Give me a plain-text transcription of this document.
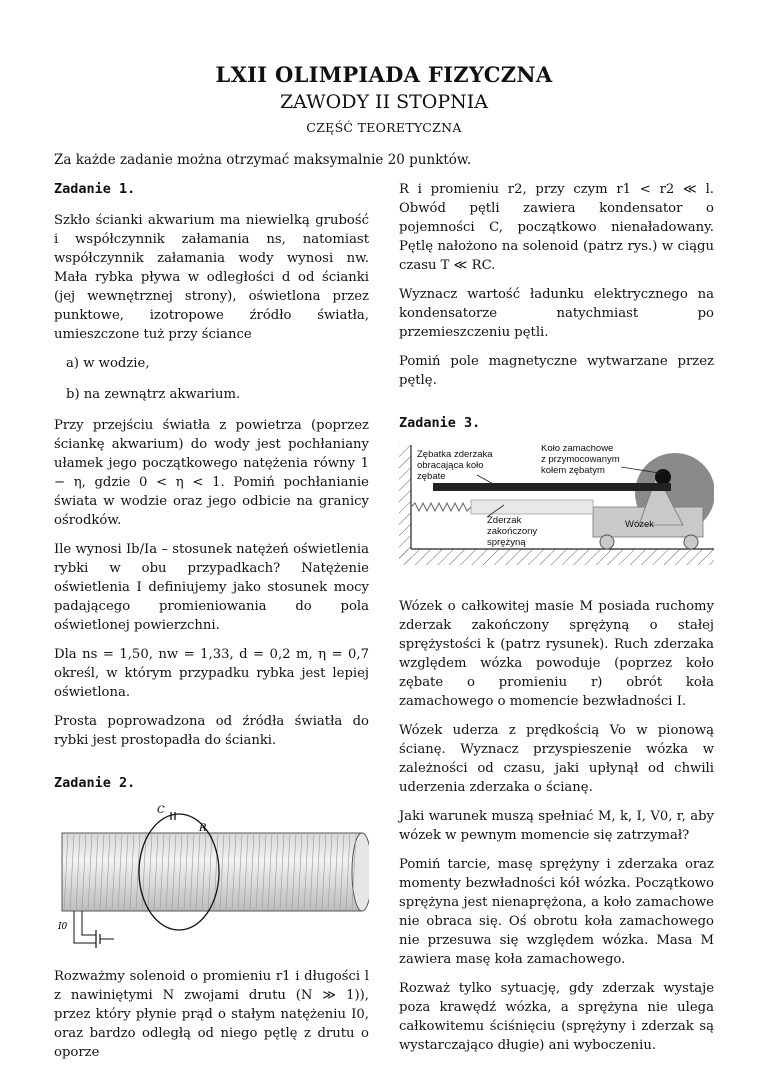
LXII OLIMPIADA FIZYCZNA
ZAWODY II STOPNIA
CZĘŚĆ TEORETYCZNA
Za każde zadanie można otrzymać maksymalnie 20 punktów.
Zadanie 1.

Szkło ścianki akwarium ma niewielką grubość i współczynnik załamania ns, natomiast współczynnik załamania wody wynosi nw. Mała rybka pływa w odległości d od ścianki (jej wewnętrznej strony), oświetlona przez punktowe, izotropowe źródło światła, umieszczone tuż przy ściance

a) w wodzie,
b) na zewnątrz akwarium.

Przy przejściu światła z powietrza (poprzez ściankę akwarium) do wody jest pochłaniany ułamek jego początkowego natężenia równy 1 − η, gdzie 0 < η < 1. Pomiń pochłanianie świata w wodzie oraz jego odbicie na granicy ośrodków.

Ile wynosi Ib/Ia – stosunek natężeń oświetlenia rybki w obu przypadkach? Natężenie oświetlenia I definiujemy jako stosunek mocy padającego promieniowania do pola oświetlonej powierzchni.

Dla ns = 1,50, nw = 1,33, d = 0,2 m, η = 0,7 określ, w którym przypadku rybka jest lepiej oświetlona.

Prosta poprowadzona od źródła światła do rybki jest prostopadła do ścianki.

Zadanie 2.
C
R
I0

Rozważmy solenoid o promieniu r1 i długości l z nawiniętymi N zwojami drutu (N ≫ 1)), przez który płynie prąd o stałym natężeniu I0, oraz bardzo odległą od niego pętlę z drutu o oporze

R i promieniu r2, przy czym r1 < r2 ≪ l. Obwód pętli zawiera kondensator o pojemności C, początkowo nienaładowany. Pętlę nałożono na solenoid (patrz rys.) w ciągu czasu T ≪ RC.

Wyznacz wartość ładunku elektrycznego na kondensatorze natychmiast po przemieszczeniu pętli.

Pomiń pole magnetyczne wytwarzane przez pętlę.

Zadanie 3.
Zębatka zderzaka
obracająca koło
zębate
Koło zamachowe
z przymocowanym
kołem zębatym
Zderzak
zakończony
sprężyną
Wózek

Wózek o całkowitej masie M posiada ruchomy zderzak zakończony sprężyną o stałej sprężystości k (patrz rysunek). Ruch zderzaka względem wózka powoduje (poprzez koło zębate o promieniu r) obrót koła zamachowego o momencie bezwładności I.

Wózek uderza z prędkością Vo w pionową ścianę. Wyznacz przyspieszenie wózka w zależności od czasu, jaki upłynął od chwili uderzenia zderzaka o ścianę.

Jaki warunek muszą spełniać M, k, I, V0, r, aby wózek w pewnym momencie się zatrzymał?

Pomiń tarcie, masę sprężyny i zderzaka oraz momenty bezwładności kół wózka. Początkowo sprężyna jest nienaprężona, a koło zamachowe nie obraca się. Oś obrotu koła zamachowego nie przesuwa się względem wózka. Masa M zawiera masę koła zamachowego.

Rozważ tylko sytuację, gdy zderzak wystaje poza krawędź wózka, a sprężyna nie ulega całkowitemu ściśnięciu (sprężyny i zderzak są wystarczająco długie) ani wyboczeniu.
